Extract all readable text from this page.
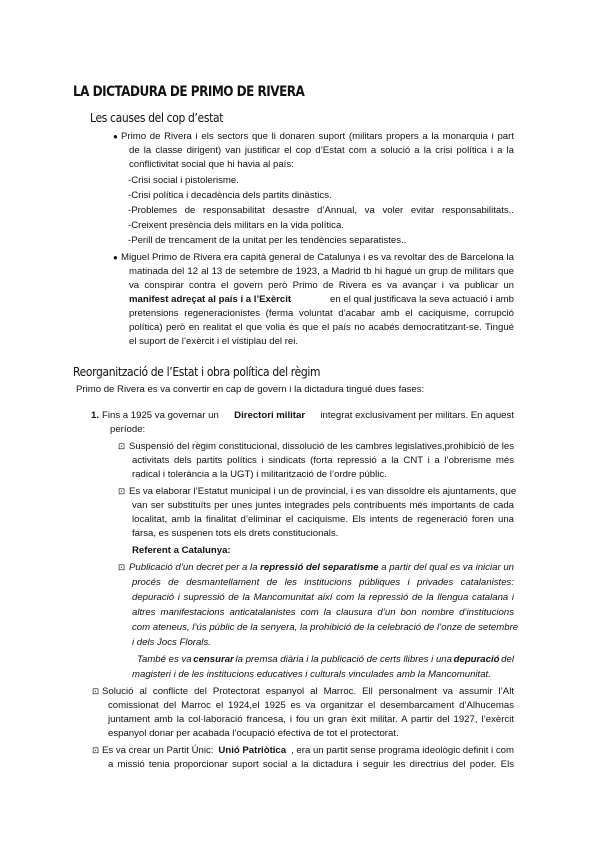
LA DICTADURA DE PRIMO DE RIVERA
Les causes del cop d’estat
● Primo de Rivera i els sectors que li donaren suport (militars propers a la monarquia i part
de la classe dirigent) van justificar el cop d’Estat com a solució a la crisi política i a la
conflictivitat social que hi havia al país:
-Crisi social i pistolerisme.
-Crisi política i decadència dels partits dinàstics.
-Problemes de responsabilitat desastre d’Annual, va voler evitar responsabilitats..
-Creixent presència dels militars en la vida política.
-Perill de trencament de la unitat per les tendències separatistes..
● Miguel Primo de Rivera era capità general de Catalunya i es va revoltar des de Barcelona la
matinada del 12 al 13 de setembre de 1923, a Madrid tb hi hagué un grup de militars que
va conspirar contra el govern però Primo de Rivera es va avançar i va publicar un
manifest adreçat al país i a l’Exèrcit	en el qual justificava la seva actuació i amb
pretensions regeneracionistes (ferma voluntat d’acabar amb el caciquisme, corrupció
política) però en realitat el que volia és que el país no acabés democratitzant-se. Tingué
el suport de l’exèrcit i el vistiplau del rei.
Reorganització de l’Estat i obra política del règim
Primo de Rivera es va convertir en cap de govern i la dictadura tingué dues fases:
1. Fins a 1925 va governar un Directori militar integrat exclusivament per militars. En aquest
període:
⊡ Suspensió del règim constitucional, dissolució de les cambres legislatives,prohibició de les
activitats dels partits polítics i sindicats (forta repressió a la CNT i a l’obrerisme més
radical i tolerància a la UGT) i militarització de l’ordre públic.
⊡ Es va elaborar l’Estatut municipal i un de provincial, i es van dissoldre els ajuntaments, que
van ser substituïts per unes juntes integrades pels contribuents més importants de cada
localitat, amb la finalitat d’eliminar el caciquisme. Els intents de regeneració foren una
farsa, es suspenen tots els drets constitucionals.
Referent a Catalunya:
⊡ Publicació d’un decret per a la repressió del separatisme a partir del qual es va iniciar un
procés de desmantellament de les institucions públiques i privades catalanistes:
depuració i supressió de la Mancomunitat així com la repressió de la llengua catalana i
altres manifestacions anticatalanistes com la clausura d’un bon nombre d’institucions
com ateneus, l’ús públic de la senyera, la prohibició de la celebració de l’onze de setembre
i dels Jocs Florals.
També es va censurar la premsa diària i la publicació de certs llibres i una depuració del
magisteri i de les institucions educatives i culturals vinculades amb la Mancomunitat.
⊡ Solució al conflicte del Protectorat espanyol al Marroc. Ell personalment va assumir l’Alt
comissionat del Marroc el 1924,el 1925 es va organitzar el desembarcament d’Alhucemas
juntament amb la col·laboració francesa, i fou un gran èxit militar. A partir del 1927, l’exèrcit
espanyol donar per acabada l’ocupació efectiva de tot el protectorat.
⊡ Es va crear un Partit Únic: Unió Patriòtica , era un partit sense programa ideològic definit i com
a missió tenia proporcionar suport social a la dictadura i seguir les directrius del poder. Els
